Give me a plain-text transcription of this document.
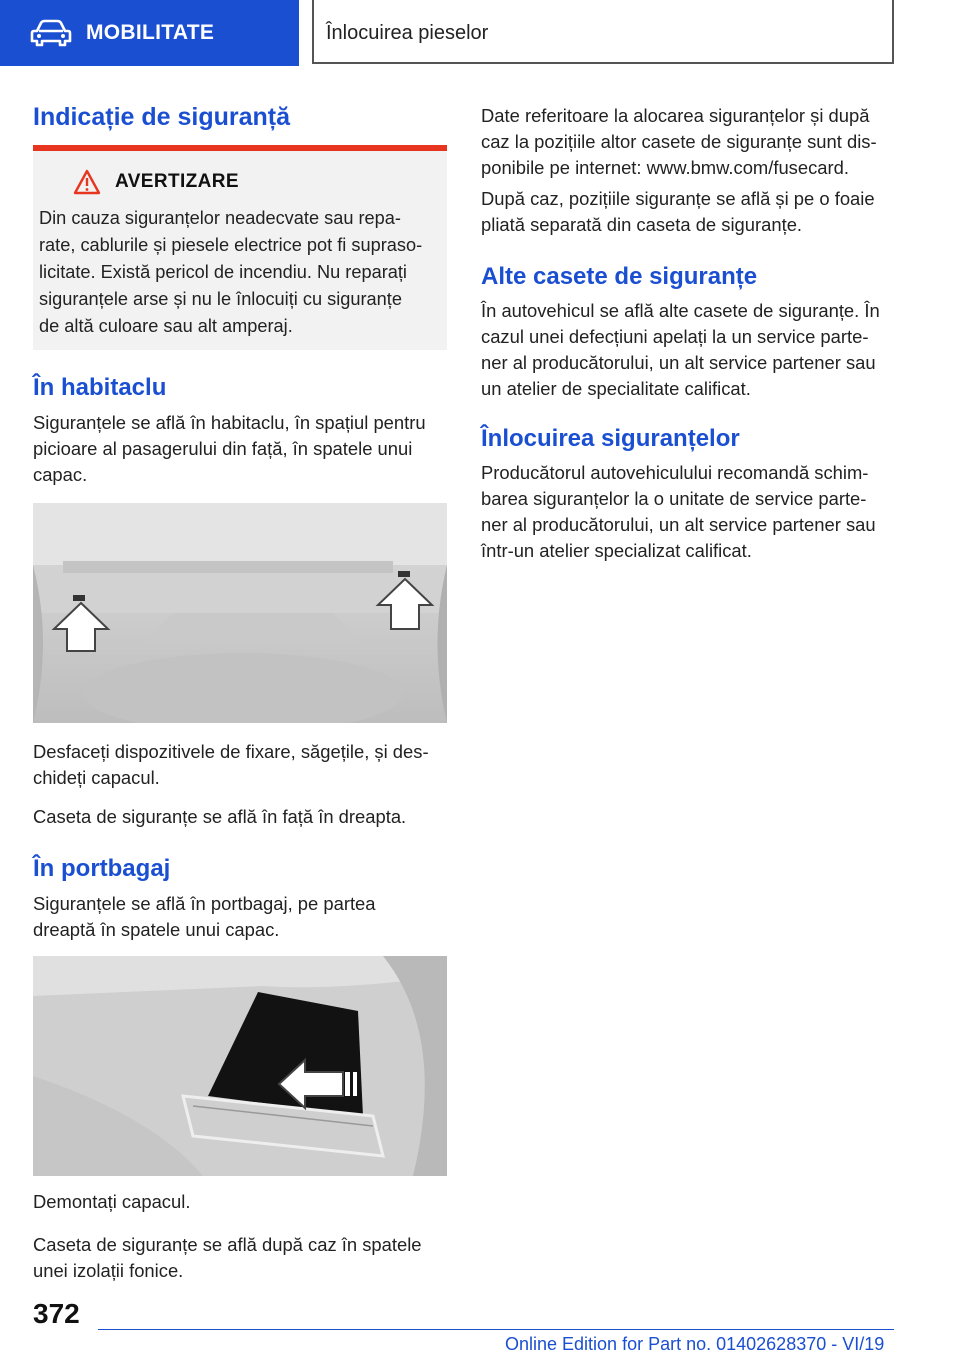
MOBILITATE	Înlocuirea pieselor
Indicație de siguranță
AVERTIZARE

Din cauza siguranțelor neadecvate sau repa-
rate, cablurile și piesele electrice pot fi supraso-
licitate. Există pericol de incendiu. Nu reparați
siguranțele arse și nu le înlocuiți cu siguranțe
de altă culoare sau alt amperaj.

În habitaclu

Siguranțele se află în habitaclu, în spațiul pentru
picioare al pasagerului din față, în spatele unui
capac.

Desfaceți dispozitivele de fixare, săgețile, și des-
chideți capacul.

Caseta de siguranțe se află în față în dreapta.

În portbagaj

Siguranțele se află în portbagaj, pe partea
dreaptă în spatele unui capac.

Demontați capacul.

Caseta de siguranțe se află după caz în spatele
unei izolații fonice.

Date referitoare la alocarea siguranțelor și după
caz la pozițiile altor casete de siguranțe sunt dis-
ponibile pe internet: www.bmw.com/fusecard.

După caz, pozițiile siguranțe se află și pe o foaie
pliată separată din caseta de siguranțe.

Alte casete de siguranțe

În autovehicul se află alte casete de siguranțe. În
cazul unei defecțiuni apelați la un service parte-
ner al producătorului, un alt service partener sau
un atelier de specialitate calificat.

Înlocuirea siguranțelor

Producătorul autovehiculului recomandă schim-
barea siguranțelor la o unitate de service parte-
ner al producătorului, un alt service partener sau
într-un atelier specializat calificat.

372

Online Edition for Part no. 01402628370 - VI/19
